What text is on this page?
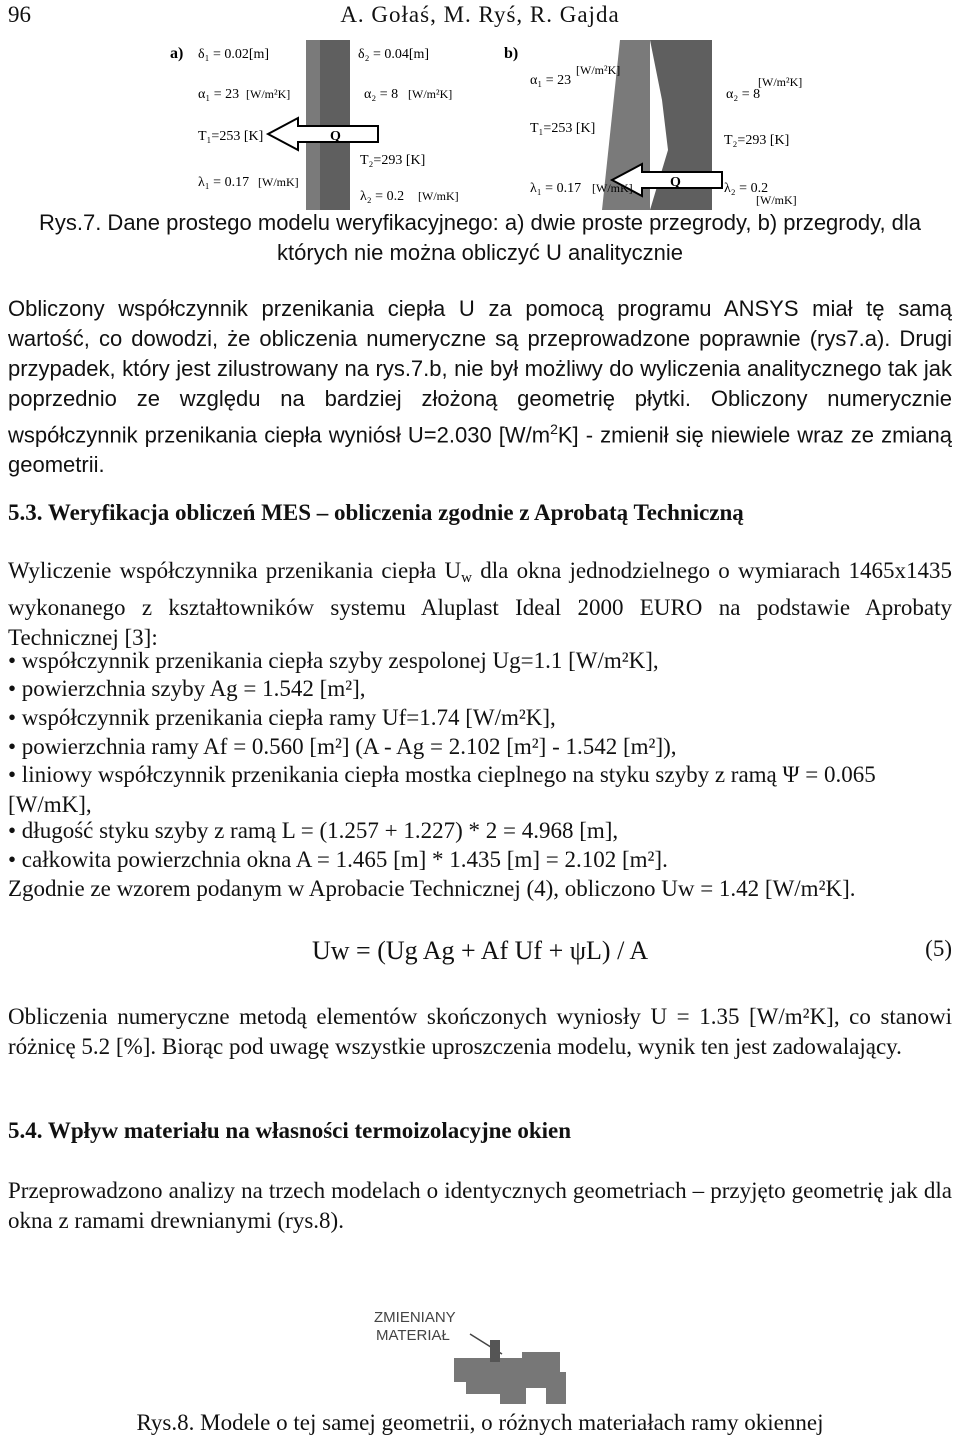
96	A. Gołaś, M. Ryś, R. Gajda
a) δ₁ = 0.02[m]	δ₂ = 0.04[m]
α₁ = 23 [W/m²K]	α₂ = 8 [W/m²K]
Q
T₁=253 [K]
T₂=293 [K]
λ₁ = 0.17 [W/mK]
λ₂ = 0.2 [W/mK]
b)
α₁ = 23
[W/m²K]
α₂ = 8
[W/m²K]
T₁=253 [K]
T₂=293 [K]
Q
λ₁ = 0.17 [W/mK]	λ₂ = 0.2
[W/mK]
Rys.7. Dane prostego modelu weryfikacyjnego: a) dwie proste przegrody, b) przegrody, dla których nie można obliczyć U analitycznie
Obliczony współczynnik przenikania ciepła U za pomocą programu ANSYS miał tę samą wartość, co dowodzi, że obliczenia numeryczne są przeprowadzone poprawnie (rys7.a). Drugi przypadek, który jest zilustrowany na rys.7.b, nie był możliwy do wyliczenia analitycznego tak jak poprzednio ze względu na bardziej złożoną geometrię płytki. Obliczony numerycznie współczynnik przenikania ciepła wyniósł U=2.030 $[W/m^2K]$ - zmienił się niewiele wraz ze zmianą geometrii.
5.3. Weryfikacja obliczeń MES – obliczenia zgodnie z Aprobatą Techniczną
Wyliczenie współczynnika przenikania ciepła Uw dla okna jednodzielnego o wymiarach 1465x1435 wykonanego z kształtowników systemu Aluplast Ideal 2000 EURO na podstawie Aprobaty Technicznej [3]:
• współczynnik przenikania ciepła szyby zespolonej Ug=1.1 [W/m²K],
• powierzchnia szyby Ag = 1.542 [m²],
• współczynnik przenikania ciepła ramy Uf=1.74 [W/m²K],
• powierzchnia ramy Af = 0.560 [m²] (A - Ag = 2.102 [m²] - 1.542 [m²]),
• liniowy współczynnik przenikania ciepła mostka cieplnego na styku szyby z ramą Ψ = 0.065 [W/mK],
• długość styku szyby z ramą L = (1.257 + 1.227) * 2 = 4.968 [m],
• całkowita powierzchnia okna A = 1.465 [m] * 1.435 [m] = 2.102 [m²].
Zgodnie ze wzorem podanym w Aprobacie Technicznej (4), obliczono Uw = 1.42 [W/m²K].
Uw = (Ug Ag + Af Uf + ψL) / A	(5)
Obliczenia numeryczne metodą elementów skończonych wyniosły U = 1.35 [W/m²K], co stanowi różnicę 5.2 [%]. Biorąc pod uwagę wszystkie uproszczenia modelu, wynik ten jest zadowalający.
5.4. Wpływ materiału na własności termoizolacyjne okien
Przeprowadzono analizy na trzech modelach o identycznych geometriach – przyjęto geometrię jak dla okna z ramami drewnianymi (rys.8).
ZMIENIANY
MATERIAŁ
Rys.8. Modele o tej samej geometrii, o różnych materiałach ramy okiennej
